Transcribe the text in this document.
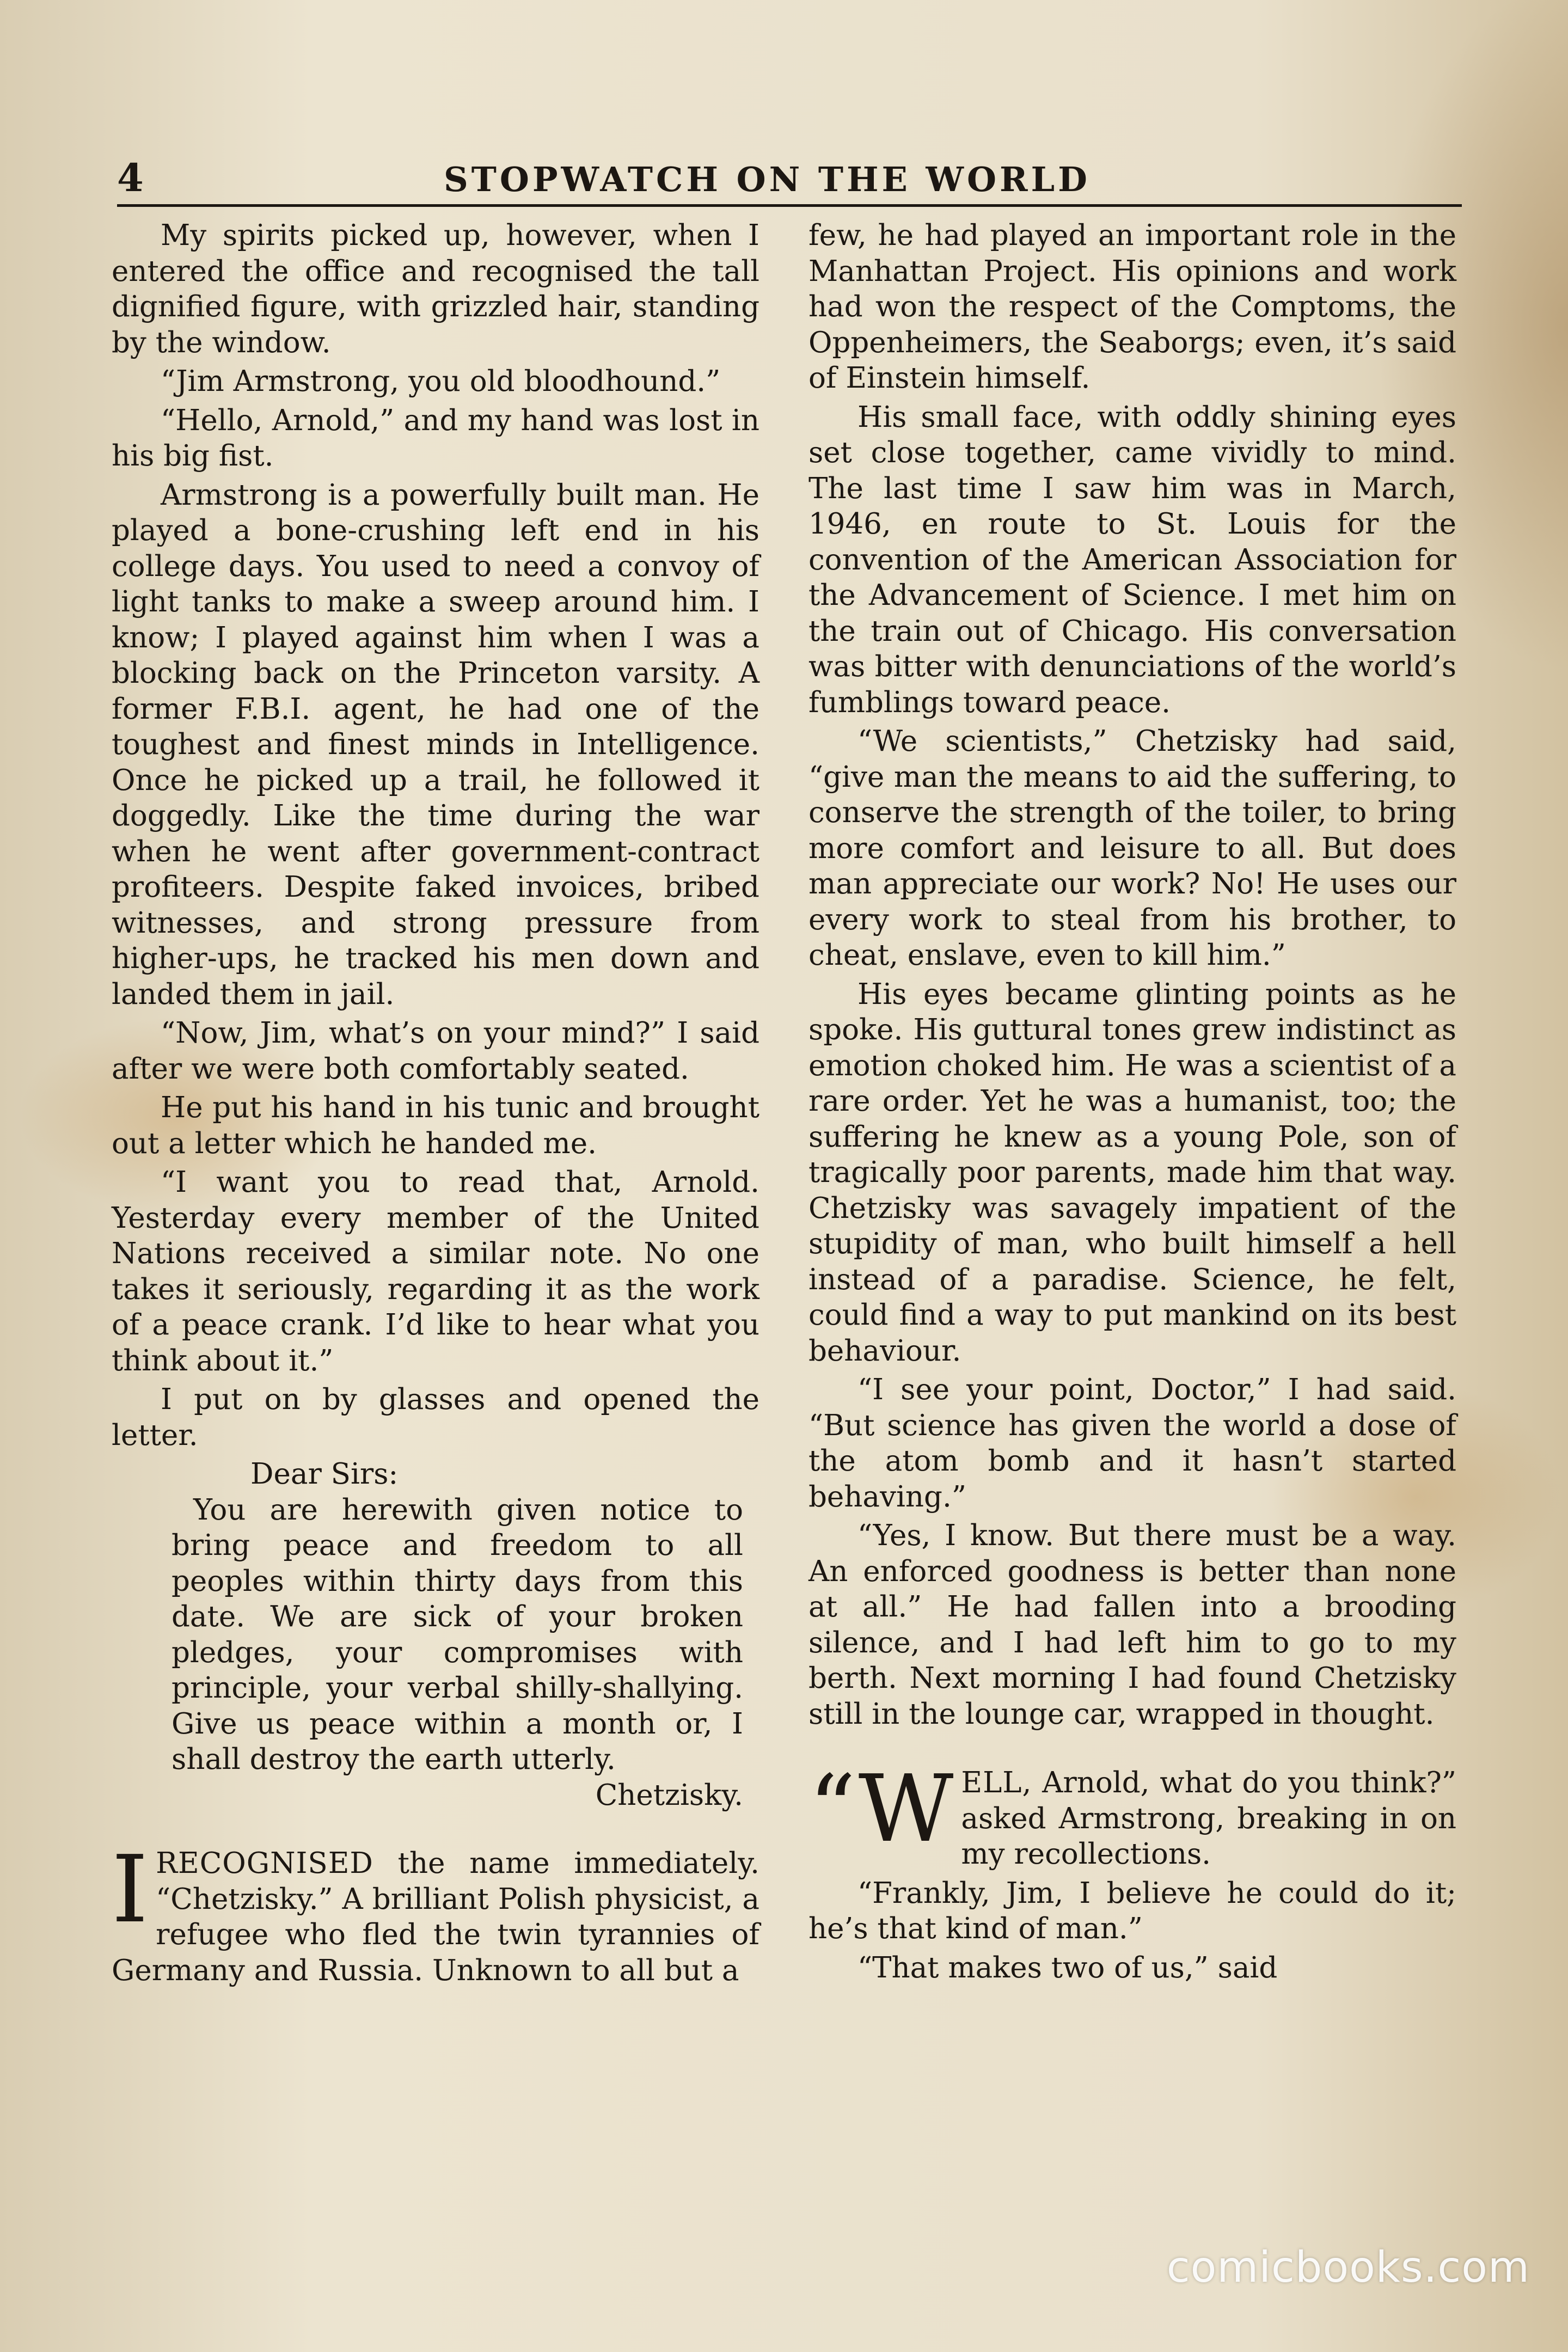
4	STOPWATCH ON THE WORLD

My spirits picked up, however, when I entered the office and recognised the tall dignified figure, with grizzled hair, standing by the window.

“Jim Armstrong, you old bloodhound.”

“Hello, Arnold,” and my hand was lost in his big fist.

Armstrong is a powerfully built man. He played a bone-crushing left end in his college days. You used to need a convoy of light tanks to make a sweep around him. I know; I played against him when I was a blocking back on the Princeton varsity. A former F.B.I. agent, he had one of the toughest and finest minds in Intelligence. Once he picked up a trail, he followed it doggedly. Like the time during the war when he went after government-contract profiteers. Despite faked invoices, bribed witnesses, and strong pressure from higher-ups, he tracked his men down and landed them in jail.

“Now, Jim, what’s on your mind?” I said after we were both comfortably seated.

He put his hand in his tunic and brought out a letter which he handed me.

“I want you to read that, Arnold. Yesterday every member of the United Nations received a similar note. No one takes it seriously, regarding it as the work of a peace crank. I’d like to hear what you think about it.”

I put on by glasses and opened the letter.

Dear Sirs:

You are herewith given notice to bring peace and freedom to all peoples within thirty days from this date. We are sick of your broken pledges, your compromises with principle, your verbal shilly-shallying. Give us peace within a month or, I shall destroy the earth utterly.

Chetzisky.

IRECOGNISED the name immediately. “Chetzisky.” A brilliant Polish physicist, a refugee who fled the twin tyrannies of Germany and Russia. Unknown to all but a

few, he had played an important role in the Manhattan Project. His opinions and work had won the respect of the Comptoms, the Oppenheimers, the Seaborgs; even, it’s said of Einstein himself.

His small face, with oddly shining eyes set close together, came vividly to mind. The last time I saw him was in March, 1946, en route to St. Louis for the convention of the American Association for the Advancement of Science. I met him on the train out of Chicago. His conversation was bitter with denunciations of the world’s fumblings toward peace.

“We scientists,” Chetzisky had said, “give man the means to aid the suffering, to conserve the strength of the toiler, to bring more comfort and leisure to all. But does man appreciate our work? No! He uses our every work to steal from his brother, to cheat, enslave, even to kill him.”

His eyes became glinting points as he spoke. His guttural tones grew indistinct as emotion choked him. He was a scientist of a rare order. Yet he was a humanist, too; the suffering he knew as a young Pole, son of tragically poor parents, made him that way. Chetzisky was savagely impatient of the stupidity of man, who built himself a hell instead of a paradise. Science, he felt, could find a way to put mankind on its best behaviour.

“I see your point, Doctor,” I had said. “But science has given the world a dose of the atom bomb and it hasn’t started behaving.”

“Yes, I know. But there must be a way. An enforced goodness is better than none at all.” He had fallen into a brooding silence, and I had left him to go to my berth. Next morning I had found Chetzisky still in the lounge car, wrapped in thought.

“WELL, Arnold, what do you think?” asked Armstrong, breaking in on my recollections.

“Frankly, Jim, I believe he could do it; he’s that kind of man.”

“That makes two of us,” said

comicbooks.com
